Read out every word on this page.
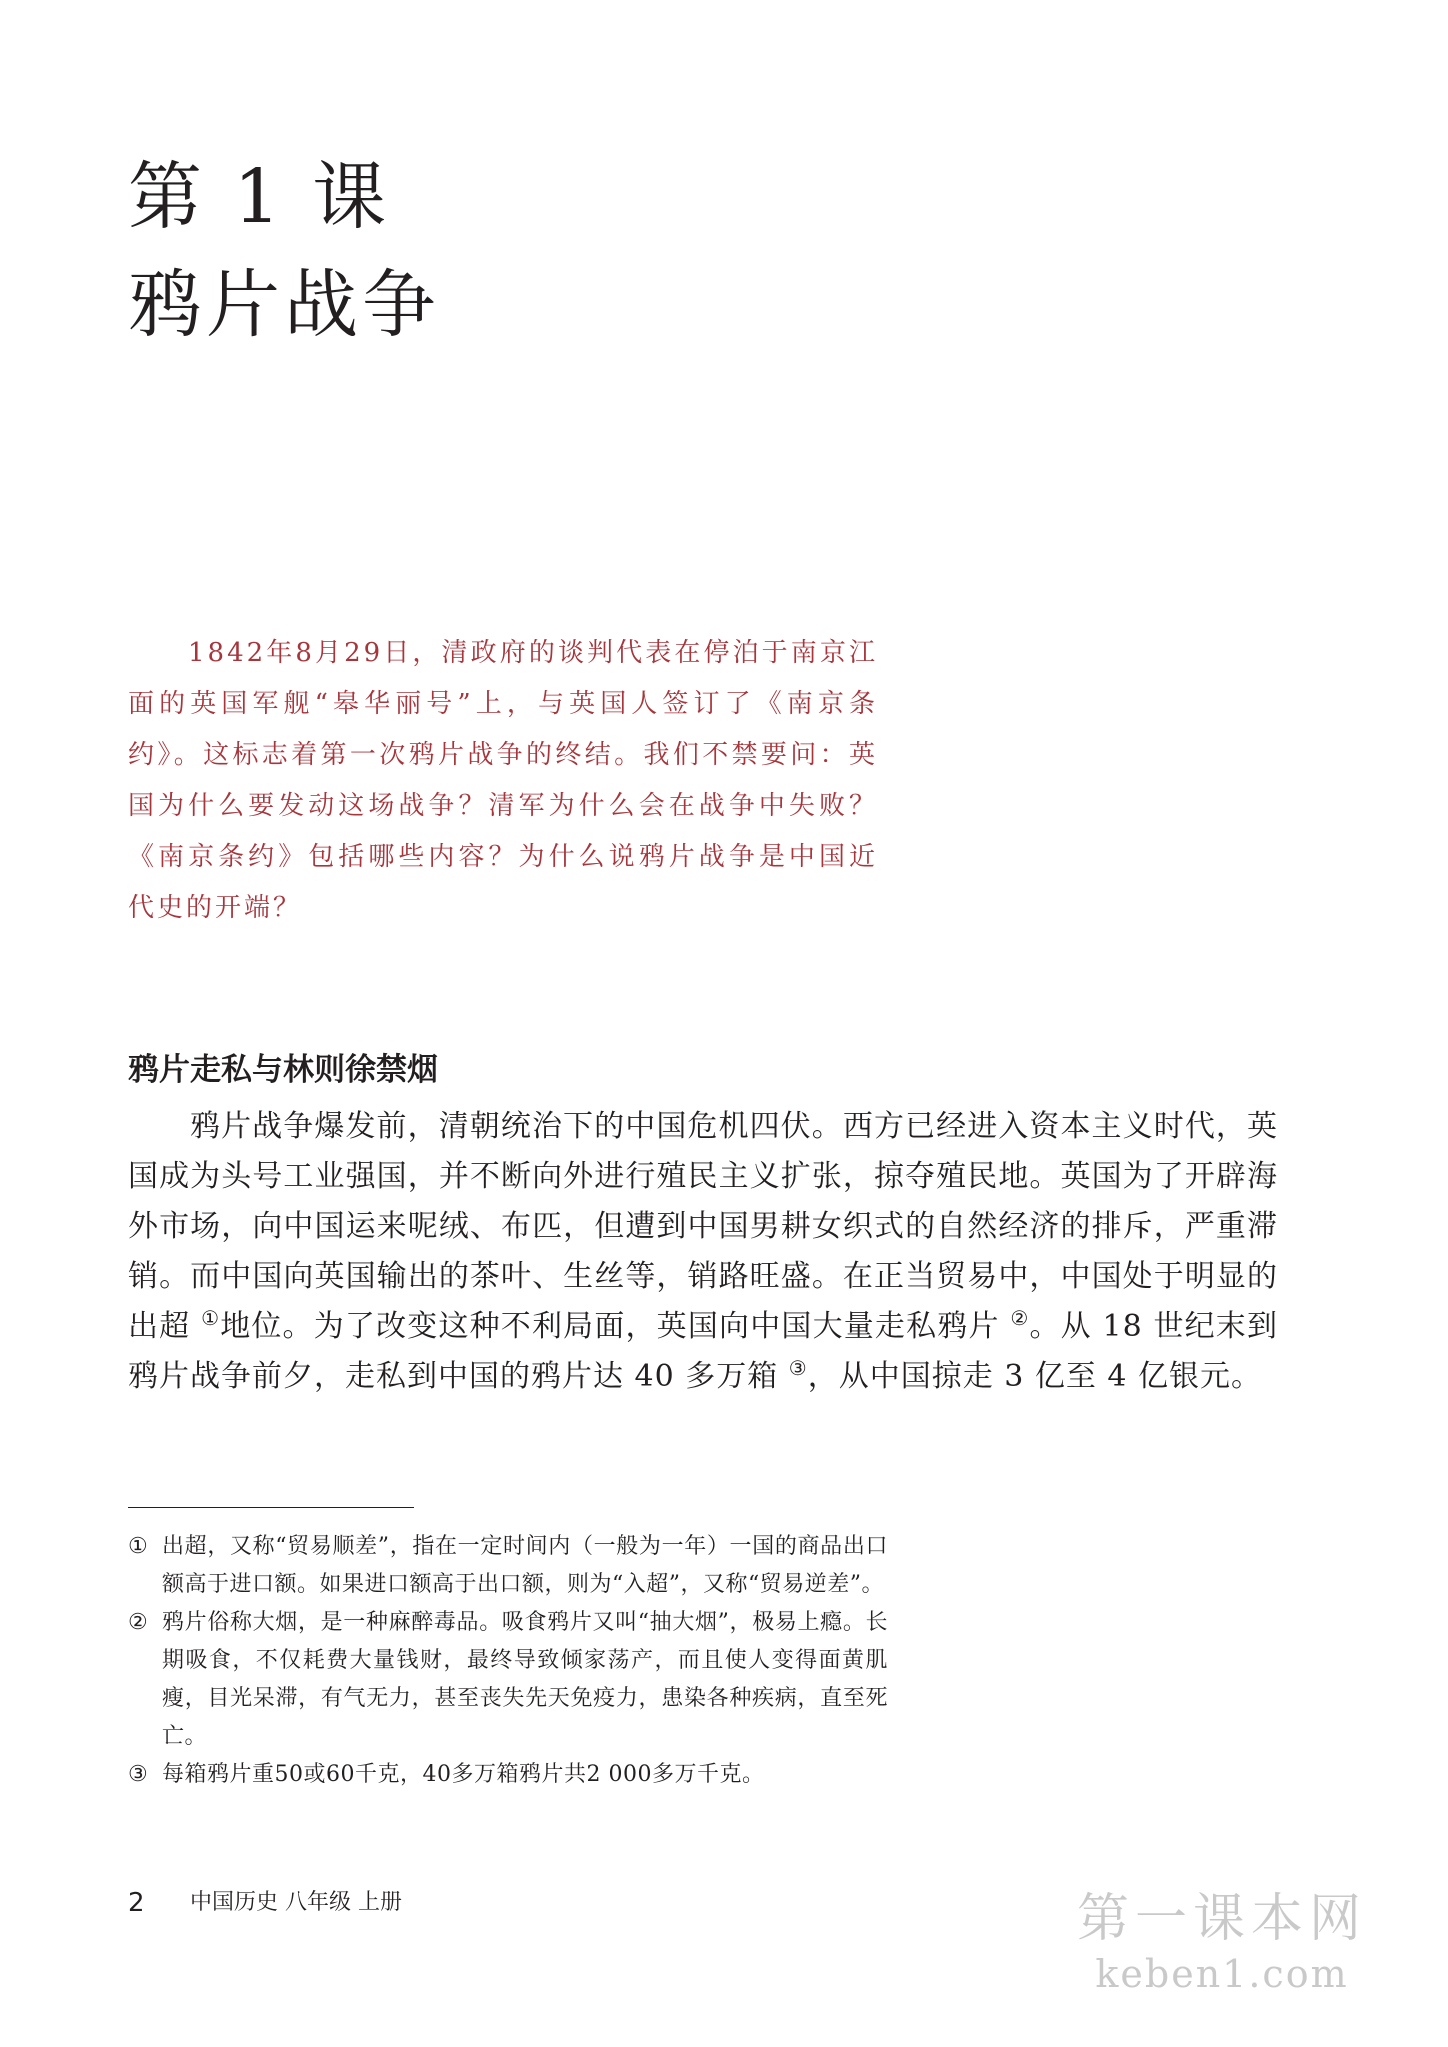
第 1 课
鸦片战争

1842年8月29日，清政府的谈判代表在停泊于南京江面的英国军舰“皋华丽号”上，与英国人签订了《南京条约》。这标志着第一次鸦片战争的终结。我们不禁要问：英国为什么要发动这场战争？清军为什么会在战争中失败？《南京条约》包括哪些内容？为什么说鸦片战争是中国近代史的开端？

鸦片走私与林则徐禁烟

鸦片战争爆发前，清朝统治下的中国危机四伏。西方已经进入资本主义时代，英国成为头号工业强国，并不断向外进行殖民主义扩张，掠夺殖民地。英国为了开辟海外市场，向中国运来呢绒、布匹，但遭到中国男耕女织式的自然经济的排斥，严重滞销。而中国向英国输出的茶叶、生丝等，销路旺盛。在正当贸易中，中国处于明显的出超 ①地位。为了改变这种不利局面，英国向中国大量走私鸦片 ②。从 18 世纪末到鸦片战争前夕，走私到中国的鸦片达 40 多万箱 ③，从中国掠走 3 亿至 4 亿银元。

① 出超，又称“贸易顺差”，指在一定时间内（一般为一年）一国的商品出口额高于进口额。如果进口额高于出口额，则为“入超”，又称“贸易逆差”。
② 鸦片俗称大烟，是一种麻醉毒品。吸食鸦片又叫“抽大烟”，极易上瘾。长期吸食，不仅耗费大量钱财，最终导致倾家荡产，而且使人变得面黄肌瘦，目光呆滞，有气无力，甚至丧失先天免疫力，患染各种疾病，直至死亡。
③ 每箱鸦片重50或60千克，40多万箱鸦片共2 000多万千克。
2 中国历史 八年级 上册	第一课本网
keben1.com
